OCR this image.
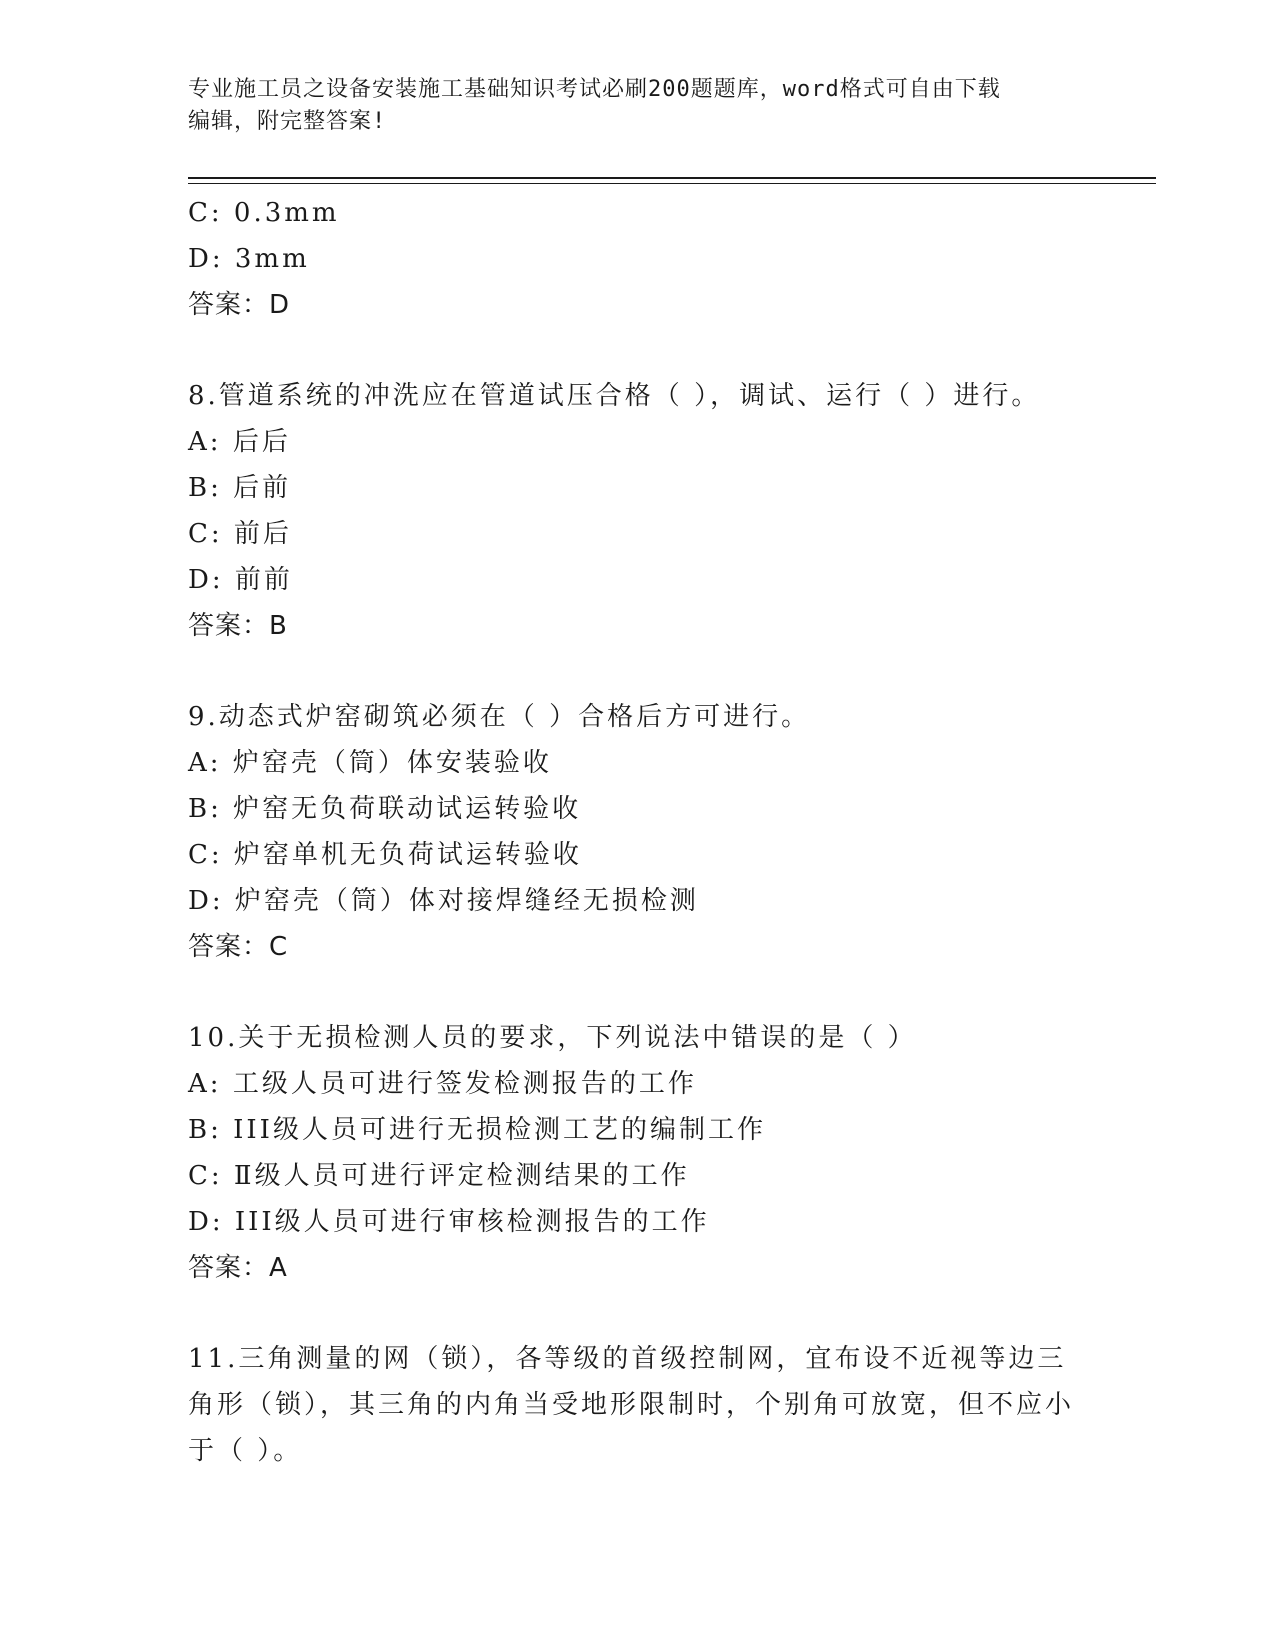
专业施工员之设备安装施工基础知识考试必刷200题题库，word格式可自由下载
编辑，附完整答案!
C: 0.3mm
D: 3mm
答案：D
8.管道系统的冲洗应在管道试压合格（ ），调试、运行（ ）进行。
A: 后后
B: 后前
C: 前后
D: 前前
答案：B
9.动态式炉窑砌筑必须在（ ）合格后方可进行。
A: 炉窑壳（筒）体安装验收
B: 炉窑无负荷联动试运转验收
C: 炉窑单机无负荷试运转验收
D: 炉窑壳（筒）体对接焊缝经无损检测
答案：C
10.关于无损检测人员的要求，下列说法中错误的是（ ）
A: 工级人员可进行签发检测报告的工作
B: III级人员可进行无损检测工艺的编制工作
C: Ⅱ级人员可进行评定检测结果的工作
D: III级人员可进行审核检测报告的工作
答案：A
11.三角测量的网（锁），各等级的首级控制网，宜布设不近视等边三角形（锁），其三角的内角当受地形限制时，个别角可放宽，但不应小于（ ）。
